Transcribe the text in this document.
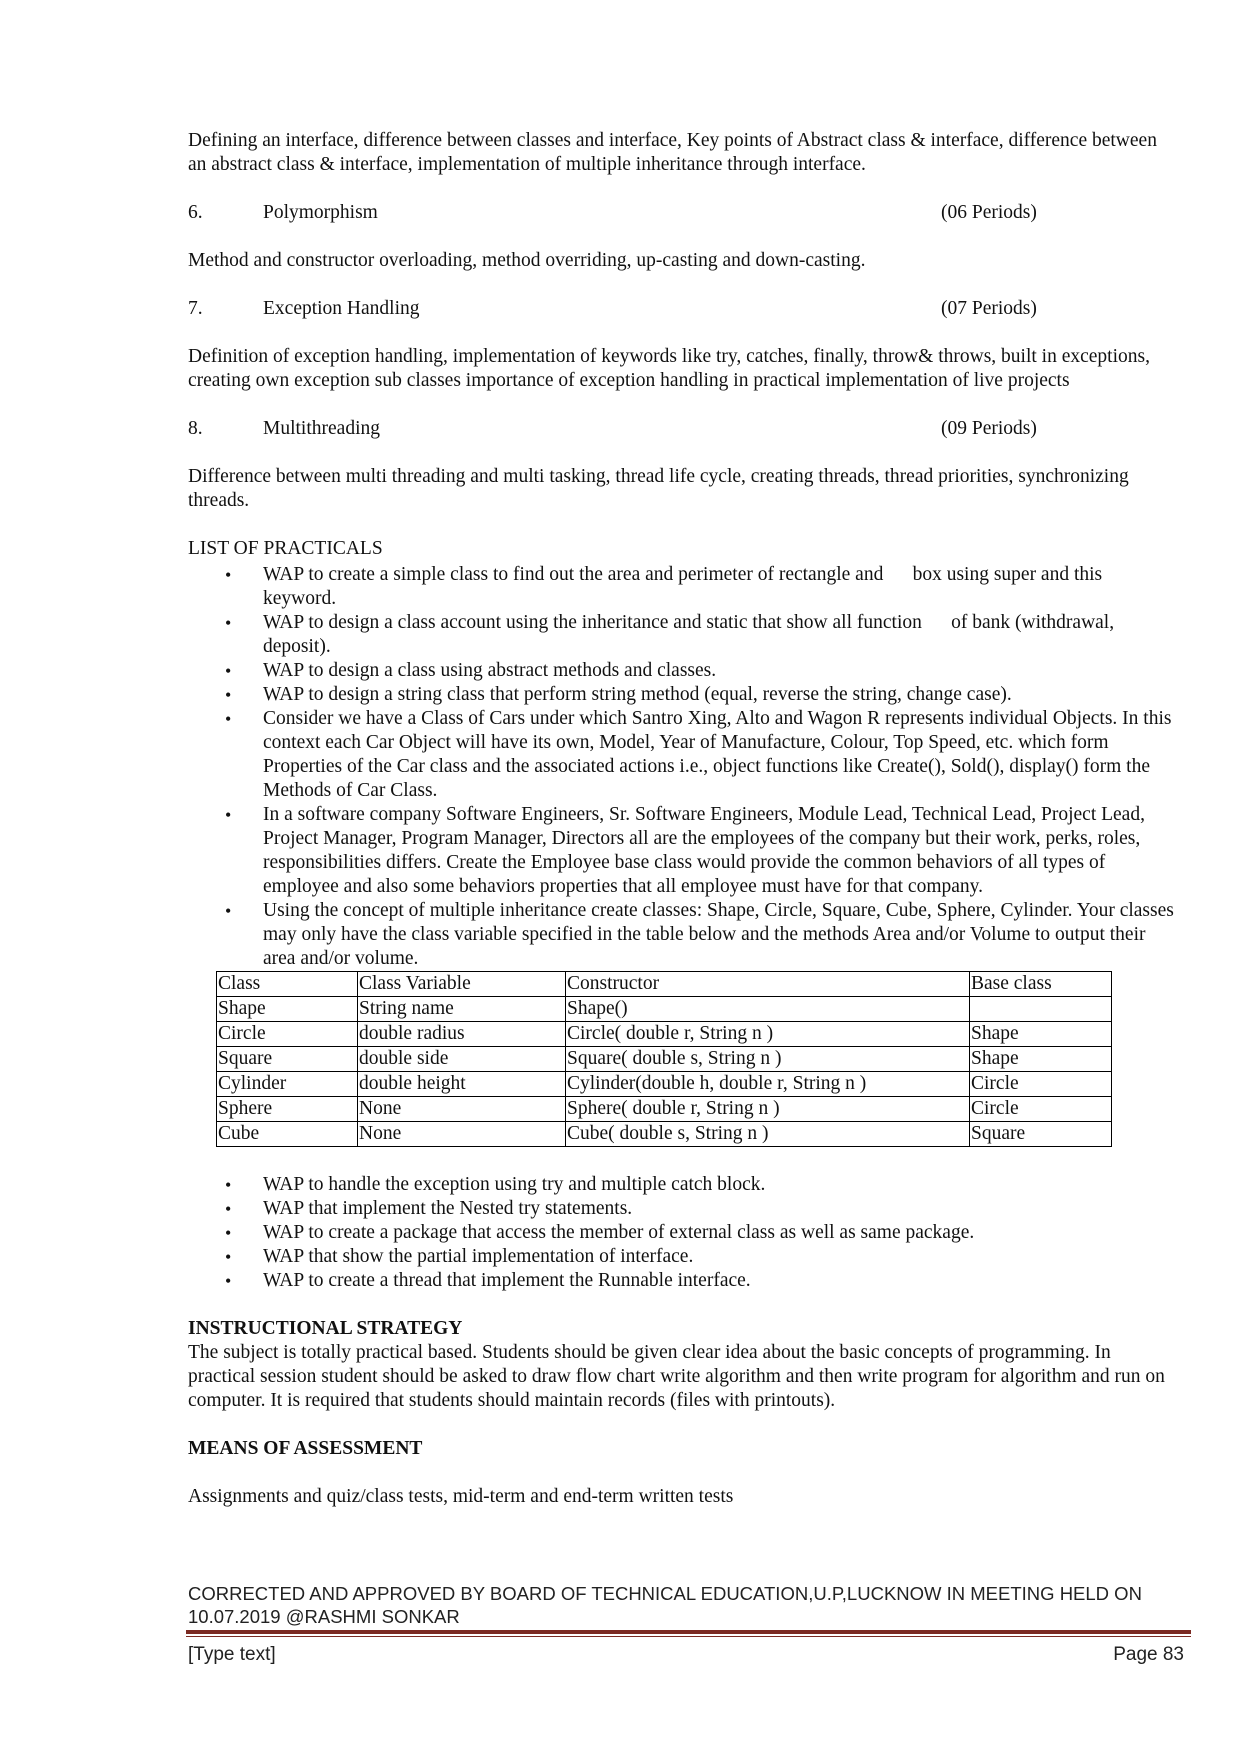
Defining an interface, difference between classes and interface, Key points of Abstract class & interface, difference between an abstract class & interface, implementation of multiple inheritance through interface.

6.	Polymorphism	(06 Periods)

Method and constructor overloading, method overriding, up-casting and down-casting.

7.	Exception Handling	(07 Periods)

Definition of exception handling, implementation of keywords like try, catches, finally, throw& throws, built in exceptions, creating own exception sub classes importance of exception handling in practical implementation of live projects

8.	Multithreading	(09 Periods)

Difference between multi threading and multi tasking, thread life cycle, creating threads, thread priorities, synchronizing threads.

LIST OF PRACTICALS

• WAP to create a simple class to find out the area and perimeter of rectangle and      box using super and this keyword.
• WAP to design a class account using the inheritance and static that show all function      of bank (withdrawal, deposit).
• WAP to design a class using abstract methods and classes.
• WAP to design a string class that perform string method (equal, reverse the string, change case).
• Consider we have a Class of Cars under which Santro Xing, Alto and Wagon R represents individual Objects. In this context each Car Object will have its own, Model, Year of Manufacture, Colour, Top Speed, etc. which form Properties of the Car class and the associated actions i.e., object functions like Create(), Sold(), display() form the Methods of Car Class.
• In a software company Software Engineers, Sr. Software Engineers, Module Lead, Technical Lead, Project Lead, Project Manager, Program Manager, Directors all are the employees of the company but their work, perks, roles, responsibilities differs. Create the Employee base class would provide the common behaviors of all types of employee and also some behaviors properties that all employee must have for that company.
• Using the concept of multiple inheritance create classes: Shape, Circle, Square, Cube, Sphere, Cylinder. Your classes may only have the class variable specified in the table below and the methods Area and/or Volume to output their area and/or volume.
Class	Class Variable	Constructor	Base class
Shape	String name	Shape()	
Circle	double radius	Circle( double r, String n )	Shape
Square	double side	Square( double s, String n )	Shape
Cylinder	double height	Cylinder(double h, double r, String n )	Circle
Sphere	None	Sphere( double r, String n )	Circle
Cube	None	Cube( double s, String n )	Square
• WAP to handle the exception using try and multiple catch block.
• WAP that implement the Nested try statements.
• WAP to create a package that access the member of external class as well as same package.
• WAP that show the partial implementation of interface.
• WAP to create a thread that implement the Runnable interface.

INSTRUCTIONAL STRATEGY

The subject is totally practical based. Students should be given clear idea about the basic concepts of programming. In practical session student should be asked to draw flow chart write algorithm and then write program for algorithm and run on computer. It is required that students should maintain records (files with printouts).

MEANS OF ASSESSMENT

Assignments and quiz/class tests, mid-term and end-term written tests

CORRECTED AND APPROVED BY BOARD OF TECHNICAL EDUCATION,U.P,LUCKNOW IN MEETING HELD ON 10.07.2019 @RASHMI SONKAR
[Type text]	Page 83
